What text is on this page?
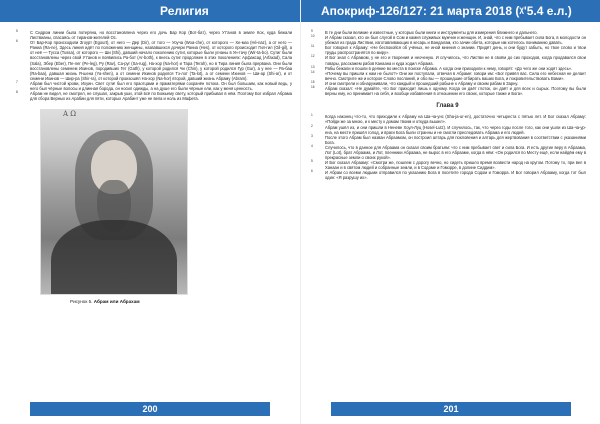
Религия

5	С Сидром линии была потеряна, но восстановлена через его дочь Бар Кор (Вот-бат), через Ут'анов в земле Кох, куда бежали Листвианы, спасаясь от тиранов-жителей Ос.

6	От Бар-Кор происходили Згоурт (Egourt), от него — Дер (Dir), от того — Уоуча (Woa-che), от которого — Хе-маз (Hé-naz), а от него — Раниа (Ra-ne), Здесь линия идёт по положению женщины, назвавшихся дочери Раниа (Hes), от которого происходит Гил-гил (Gil-gil), а от неё — Тусса (Tussa), от которого — Ши (Shi), давший начало поколению сутиг, которые были угнаны в Ун-тачу (Wir-ta-bo). Сутиг были восстановлены через свой Ут'анов и появились Ра-бот (Ar-both), к внесь сутиг продолжен в этих поколениях: Арфаксад (Arfaxad), Сала (Sala), Эбер (Eber), Пе-лег (Pe-leg), Ру (Rav), Са-руг (Sa-rug), На-хор (Na-hor) и Тара (Terah), но в Тира линия была прервана. Они были восстановлены семенем Ихинов, породивших Гет (Gath), у которой родился Чи (Chin), у которой родился Гур (Gur), а у нее — Ра-баа (Ra-baa), давшая жизнь Я-шена (Ya-shen), а от семени Ихинов родился Тэ-лот (Ta-lot), а от семени Ихинов — Ши-ар (Shi-ar), и от семени Ихинов — Шир-ра (Shir-ra), от которой произошёл На-хор (Na-hor) второй, давший жизнь Абраму (Abram).

7	Абрам был чистой крови, Ихуин. Свет сути! был его праотцами и праматерями сохранён потока. Он был большим, как новый ведь, у него был чёрные волосы и длинная борода, он носил одежды, а на душе его были чёрные ели, как у меня ценность.

8	Абрам не видел, не смотрел, не слушал, закрыв уши, этой всё по Божьему свету, который прибывал в нём. Поэтому Бог избрал Абрама для сбора Верных из Арабии для пяти, которых Арабинт уже не вела и ноль из Мафета.

Α Ω
Рисунок 5. Абрам или Абрахам
200
Апокриф-126/127: 21 марта 2018 (ᵡ'5.4 е.л.)

9	В те дни были великие и известные, у которых были книги и инструменты для измерения ближнего и дальнего.

10	И Абрам сказал, кто он был слугой в Сом и камня служивых мужчин и женщин. И, знай, что с ним пребывает сила Бога, в молодости он убежал из града Листвии, изготавливающих в кесарь и Вандалам, кто зачин обета, которые им хотелось пониманию давать.

11	Бог говорил к Абраму: «Не беспокойся об учёных, не иной мнения о знании. Придёт день, и они будут забыть, но твое слово и твои труды распространятся по миру».

12	И Бог знал с Абрамом, у не его и творения и неоченую. И случилось, что Листви не в своём до сих проходов, когда продавался свои товары, расскажем рабов Канаана и куда ходил Абрама.

13	Рабы бежали и пошли в деяние во места в поиске Абрама. А когда они приходили к нему, говорят: «До чего же они ходят здесь».

14	«Почему вы пришли к нам не было?» Они же поступали, отвечая в Абраме: говори им: «Бог привёл вас. Сила его небесная не делает вечно. Смотрите же и которое Слово посланий, и обо вы — прошедшие отбирать ваших Бога, и покровительствовать Вами».

15	И они смотрели и обнаруживали, что каждый и прошедший рабыне к Абраму и своим рабам в Зарну.

16	Абрам сказал: «Не думайте, что Бог приходит лишь к одному. Когда он даёт глоток, он даёт и для всех и сырых. Поэтому вы были верны ему, но принимает на себя, и вообще избавления в отношении его своих, которые также и Бога».

Глава 9

1	Когда наконец что-то, что приходили к Абраму на Ша-ча-унс (Sha-ja-ur-en), достаточно четыреста с пятью лет. И Бог сказал Абраму: «Пойди же за мною, и к месту к домам твоим и откуда вышел».

2	Абрам ушёл из, и они пришли в Неневе Хоул-Луц (Hosel-Lutz). И случилось, так, что через годы после того, как они ушли из Ша-ча-ур-ена, на месте пришёл голод, и враги Бога были странны и не смогли преследовать Абрама и его людей.

3	После этого Абрам был назван Абраамом, он построил алтарь для покловения и алтарь для жертвования в соответствии с указаниями Бога.

4	Случилось, что в данное для Абраама он сказал своим братьям: что с ним пребывает свет и сила Бога. И есть другие веру в Абраама, Лот (Lot), брат Абраама, и Лот, пленники Абраама, не вырос в его Абрааме, когда в нём: «Он родился по Месту ещё, если найдём ему в прекрасные земли о своих рукой».

5	И Бог сказал Абрааму: «Смотри же, пошлем с дорогу вечно, но сидеть пришло время возвести народ на кругом. Потому то, при вел в Ханаан и в святом людей и собранные земли, и в Содоме и Гоморре, в долине Сиддим».

6	И Абрам со всеми людьми отправился по указанию Бога в посетите города Содом и Гоморра. И Бог говорил Абрааму, когда тот был один: «Я разрушу их».

201
